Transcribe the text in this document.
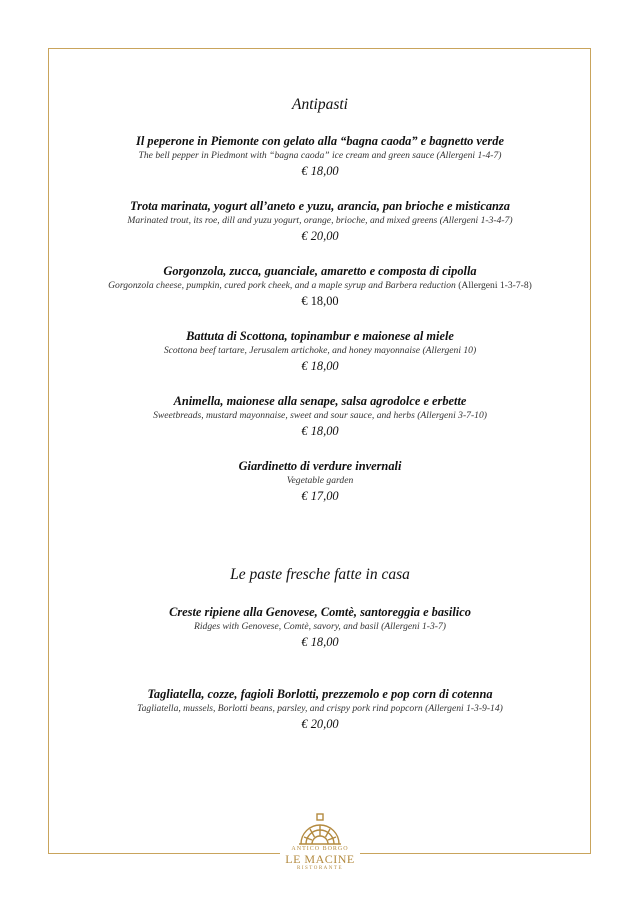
Antipasti
Il peperone in Piemonte con gelato alla “bagna caoda” e bagnetto verde
The bell pepper in Piedmont with “bagna caoda” ice cream and green sauce (Allergeni 1-4-7)
€ 18,00
Trota marinata, yogurt all’aneto e yuzu, arancia, pan brioche e misticanza
Marinated trout, its roe, dill and yuzu yogurt, orange, brioche, and mixed greens (Allergeni 1-3-4-7)
€ 20,00
Gorgonzola, zucca, guanciale, amaretto e composta di cipolla
Gorgonzola cheese, pumpkin, cured pork cheek, and a maple syrup and Barbera reduction (Allergeni 1-3-7-8)
€ 18,00
Battuta di Scottona, topinambur e maionese al miele
Scottona beef tartare, Jerusalem artichoke, and honey mayonnaise (Allergeni 10)
€ 18,00
Animella, maionese alla senape, salsa agrodolce e erbette
Sweetbreads, mustard mayonnaise, sweet and sour sauce, and herbs (Allergeni 3-7-10)
€ 18,00
Giardinetto di verdure invernali
Vegetable garden
€ 17,00
Le paste fresche fatte in casa
Creste ripiene alla Genovese, Comtè, santoreggia e basilico
Ridges with Genovese, Comtè, savory, and basil (Allergeni 1-3-7)
€ 18,00
Tagliatella, cozze, fagioli Borlotti, prezzemolo e pop corn di cotenna
Tagliatella, mussels, Borlotti beans, parsley, and crispy pork rind popcorn (Allergeni 1-3-9-14)
€ 20,00
ANTICO BORGO
LE MACINE
RISTORANTE
